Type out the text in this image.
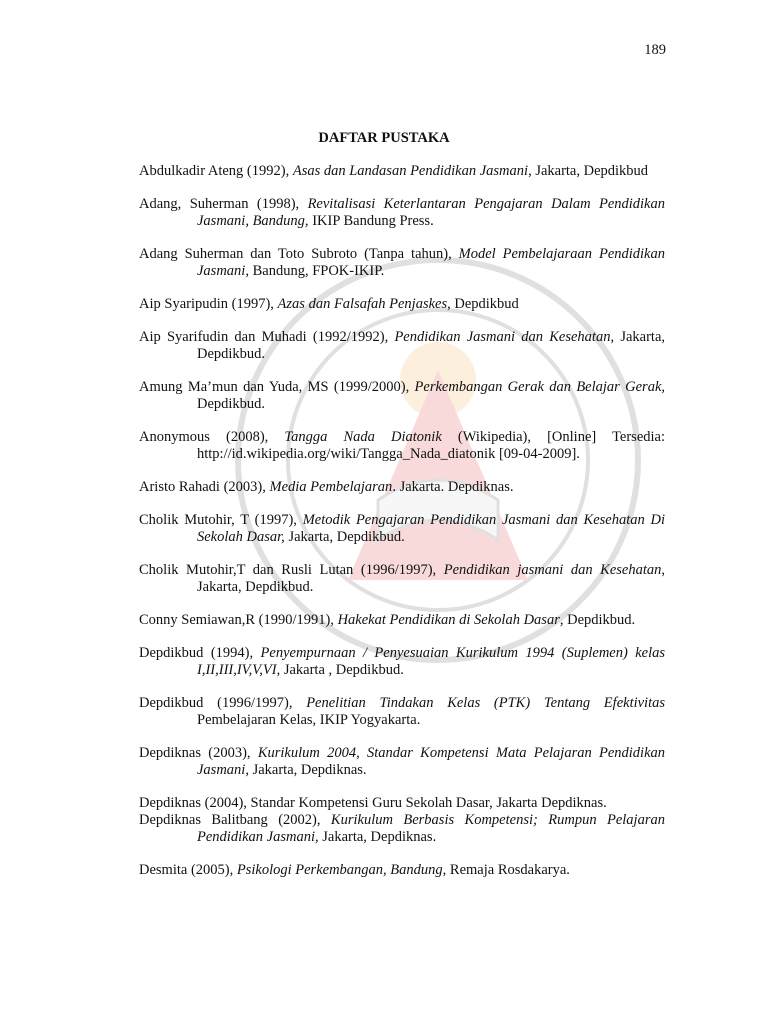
189
DAFTAR PUSTAKA

Abdulkadir Ateng (1992), Asas dan Landasan Pendidikan Jasmani, Jakarta, Depdikbud

Adang, Suherman (1998), Revitalisasi Keterlantaran Pengajaran Dalam Pendidikan Jasmani, Bandung, IKIP Bandung Press.

Adang Suherman dan Toto Subroto (Tanpa tahun), Model Pembelajaraan Pendidikan Jasmani, Bandung, FPOK-IKIP.

Aip Syaripudin (1997), Azas dan Falsafah Penjaskes, Depdikbud

Aip Syarifudin dan Muhadi (1992/1992), Pendidikan Jasmani dan Kesehatan, Jakarta, Depdikbud.

Amung Ma’mun dan Yuda, MS (1999/2000), Perkembangan Gerak dan Belajar Gerak, Depdikbud.

Anonymous (2008), Tangga Nada Diatonik (Wikipedia), [Online] Tersedia: http://id.wikipedia.org/wiki/Tangga_Nada_diatonik [09-04-2009].

Aristo Rahadi (2003), Media Pembelajaran. Jakarta. Depdiknas.

Cholik Mutohir, T (1997), Metodik Pengajaran Pendidikan Jasmani dan Kesehatan Di Sekolah Dasar, Jakarta, Depdikbud.

Cholik Mutohir,T dan Rusli Lutan (1996/1997), Pendidikan jasmani dan Kesehatan, Jakarta, Depdikbud.

Conny Semiawan,R (1990/1991), Hakekat Pendidikan di Sekolah Dasar, Depdikbud.

Depdikbud (1994), Penyempurnaan / Penyesuaian Kurikulum 1994 (Suplemen) kelas I,II,III,IV,V,VI, Jakarta , Depdikbud.

Depdikbud (1996/1997), Penelitian Tindakan Kelas (PTK) Tentang Efektivitas Pembelajaran Kelas, IKIP Yogyakarta.

Depdiknas (2003), Kurikulum 2004, Standar Kompetensi Mata Pelajaran Pendidikan Jasmani, Jakarta, Depdiknas.

Depdiknas (2004), Standar Kompetensi Guru Sekolah Dasar, Jakarta Depdiknas.

Depdiknas Balitbang (2002), Kurikulum Berbasis Kompetensi; Rumpun Pelajaran Pendidikan Jasmani, Jakarta, Depdiknas.

Desmita (2005), Psikologi Perkembangan, Bandung, Remaja Rosdakarya.
